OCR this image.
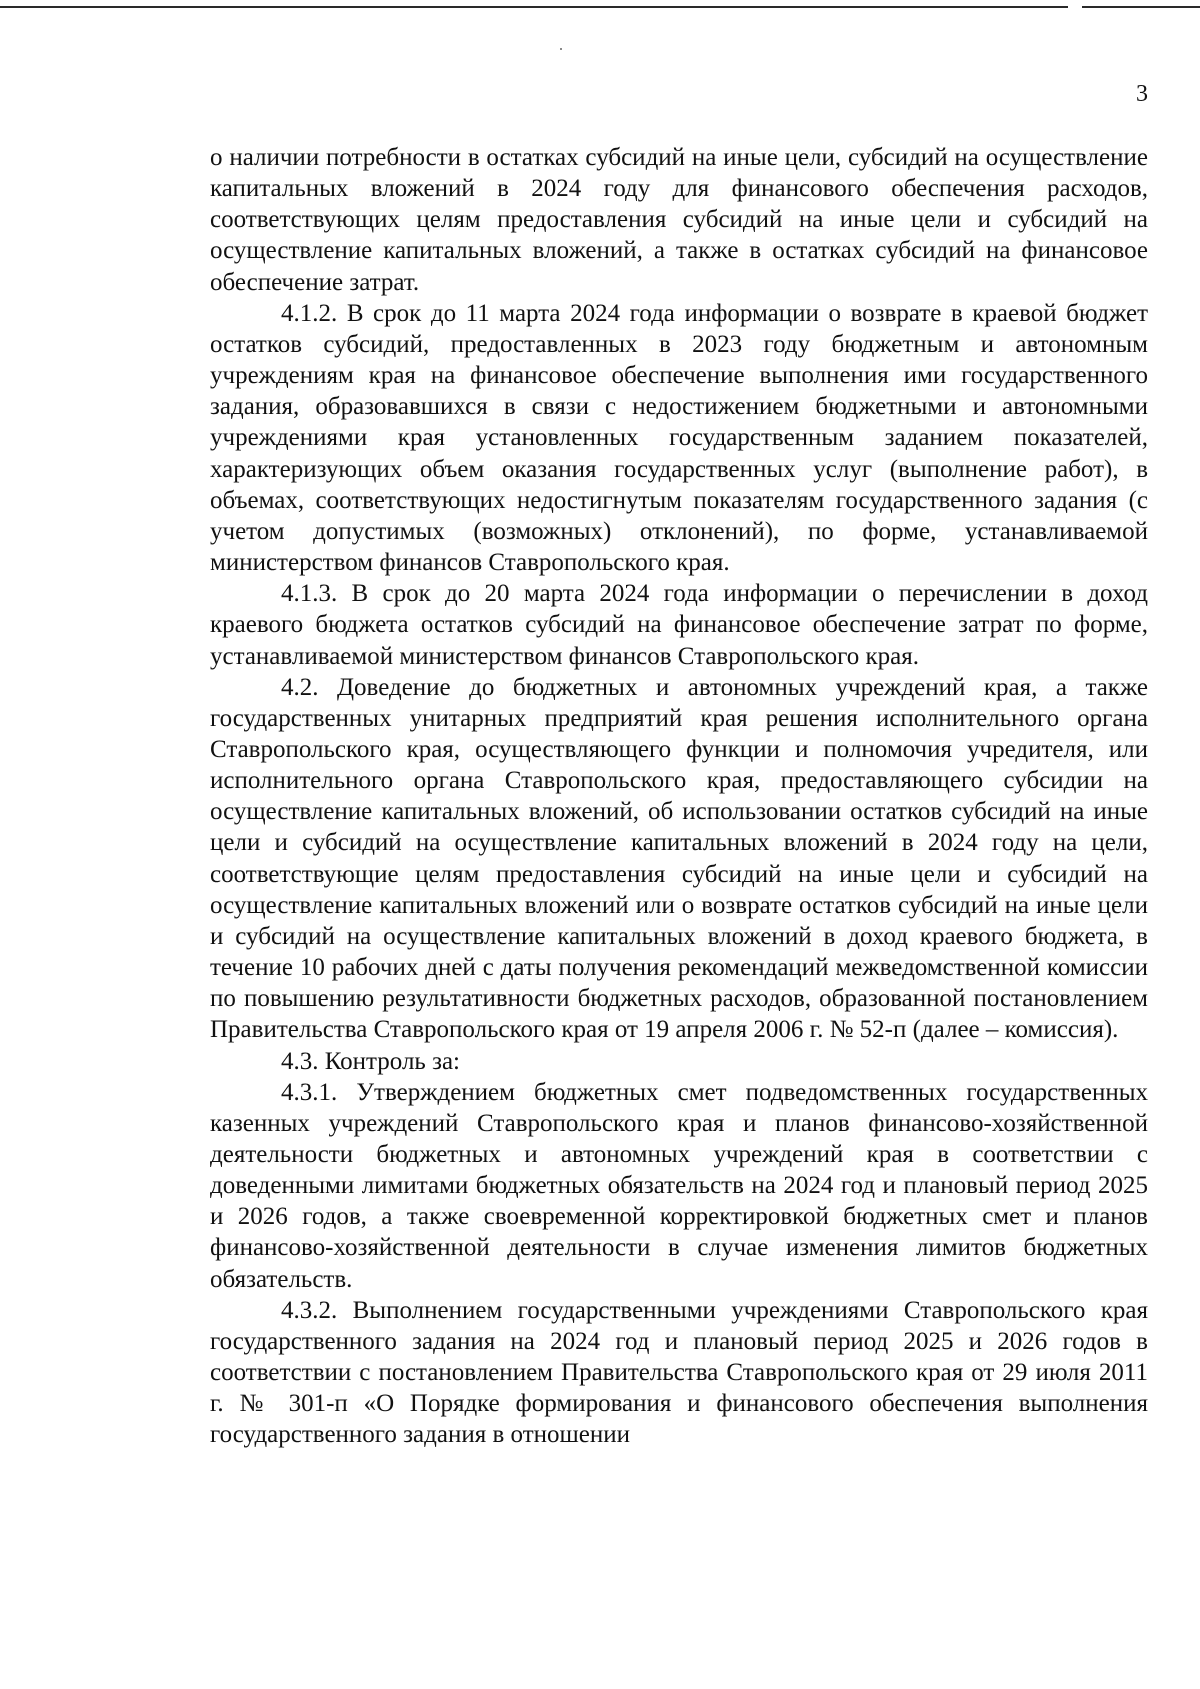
3

о наличии потребности в остатках субсидий на иные цели, субсидий на осуществление капитальных вложений в 2024 году для финансового обеспечения расходов, соответствующих целям предоставления субсидий на иные цели и субсидий на осуществление капитальных вложений, а также в остатках субсидий на финансовое обеспечение затрат.

4.1.2. В срок до 11 марта 2024 года информации о возврате в краевой бюджет остатков субсидий, предоставленных в 2023 году бюджетным и автономным учреждениям края на финансовое обеспечение выполнения ими государственного задания, образовавшихся в связи с недостижением бюджетными и автономными учреждениями края установленных государственным заданием показателей, характеризующих объем оказания государственных услуг (выполнение работ), в объемах, соответствующих недостигнутым показателям государственного задания (с учетом допустимых (возможных) отклонений), по форме, устанавливаемой министерством финансов Ставропольского края.

4.1.3. В срок до 20 марта 2024 года информации о перечислении в доход краевого бюджета остатков субсидий на финансовое обеспечение затрат по форме, устанавливаемой министерством финансов Ставропольского края.

4.2. Доведение до бюджетных и автономных учреждений края, а также государственных унитарных предприятий края решения исполнительного органа Ставропольского края, осуществляющего функции и полномочия учредителя, или исполнительного органа Ставропольского края, предоставляющего субсидии на осуществление капитальных вложений, об использовании остатков субсидий на иные цели и субсидий на осуществление капитальных вложений в 2024 году на цели, соответствующие целям предоставления субсидий на иные цели и субсидий на осуществление капитальных вложений или о возврате остатков субсидий на иные цели и субсидий на осуществление капитальных вложений в доход краевого бюджета, в течение 10 рабочих дней с даты получения рекомендаций межведомственной комиссии по повышению результативности бюджетных расходов, образованной постановлением Правительства Ставропольского края от 19 апреля 2006 г. № 52-п (далее – комиссия).

4.3. Контроль за:

4.3.1. Утверждением бюджетных смет подведомственных государственных казенных учреждений Ставропольского края и планов финансово-хозяйственной деятельности бюджетных и автономных учреждений края в соответствии с доведенными лимитами бюджетных обязательств на 2024 год и плановый период 2025 и 2026 годов, а также своевременной корректировкой бюджетных смет и планов финансово-хозяйственной деятельности в случае изменения лимитов бюджетных обязательств.

4.3.2. Выполнением государственными учреждениями Ставропольского края государственного задания на 2024 год и плановый период 2025 и 2026 годов в соответствии с постановлением Правительства Ставропольского края от 29 июля 2011 г. № 301-п «О Порядке формирования и финансового обеспечения выполнения государственного задания в отношении
